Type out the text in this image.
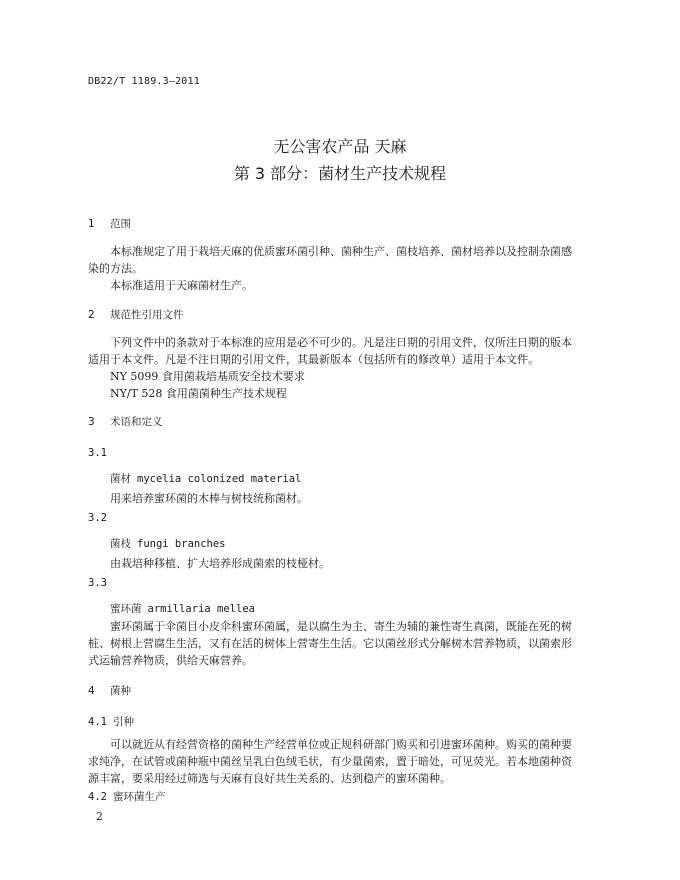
DB22/T 1189.3—2011
无公害农产品 天麻
第 3 部分：菌材生产技术规程
1 范围
本标准规定了用于栽培天麻的优质蜜环菌引种、菌种生产、菌枝培养、菌材培养以及控制杂菌感染的方法。
本标准适用于天麻菌材生产。
2 规范性引用文件
下列文件中的条款对于本标准的应用是必不可少的。凡是注日期的引用文件，仅所注日期的版本适用于本文件。凡是不注日期的引用文件，其最新版本（包括所有的修改单）适用于本文件。
NY 5099 食用菌栽培基质安全技术要求
NY/T 528 食用菌菌种生产技术规程
3 术语和定义
3.1
菌材 mycelia colonized material
用来培养蜜环菌的木棒与树枝统称菌材。
3.2
菌枝 fungi branches
由栽培种移植、扩大培养形成菌索的枝桠材。
3.3
蜜环菌 armillaria mellea
蜜环菌属于伞菌目小皮伞科蜜环菌属，是以腐生为主、寄生为辅的兼性寄生真菌，既能在死的树桩、树根上营腐生生活，又有在活的树体上营寄生生活。它以菌丝形式分解树木营养物质，以菌索形式运输营养物质，供给天麻营养。
4 菌种
4.1 引种
可以就近从有经营资格的菌种生产经营单位或正规科研部门购买和引进蜜环菌种。购买的菌种要求纯净，在试管或菌种瓶中菌丝呈乳白色绒毛状，有少量菌索，置于暗处，可见荧光。若本地菌种资源丰富，要采用经过筛选与天麻有良好共生关系的、达到稳产的蜜环菌种。
4.2 蜜环菌生产
2
